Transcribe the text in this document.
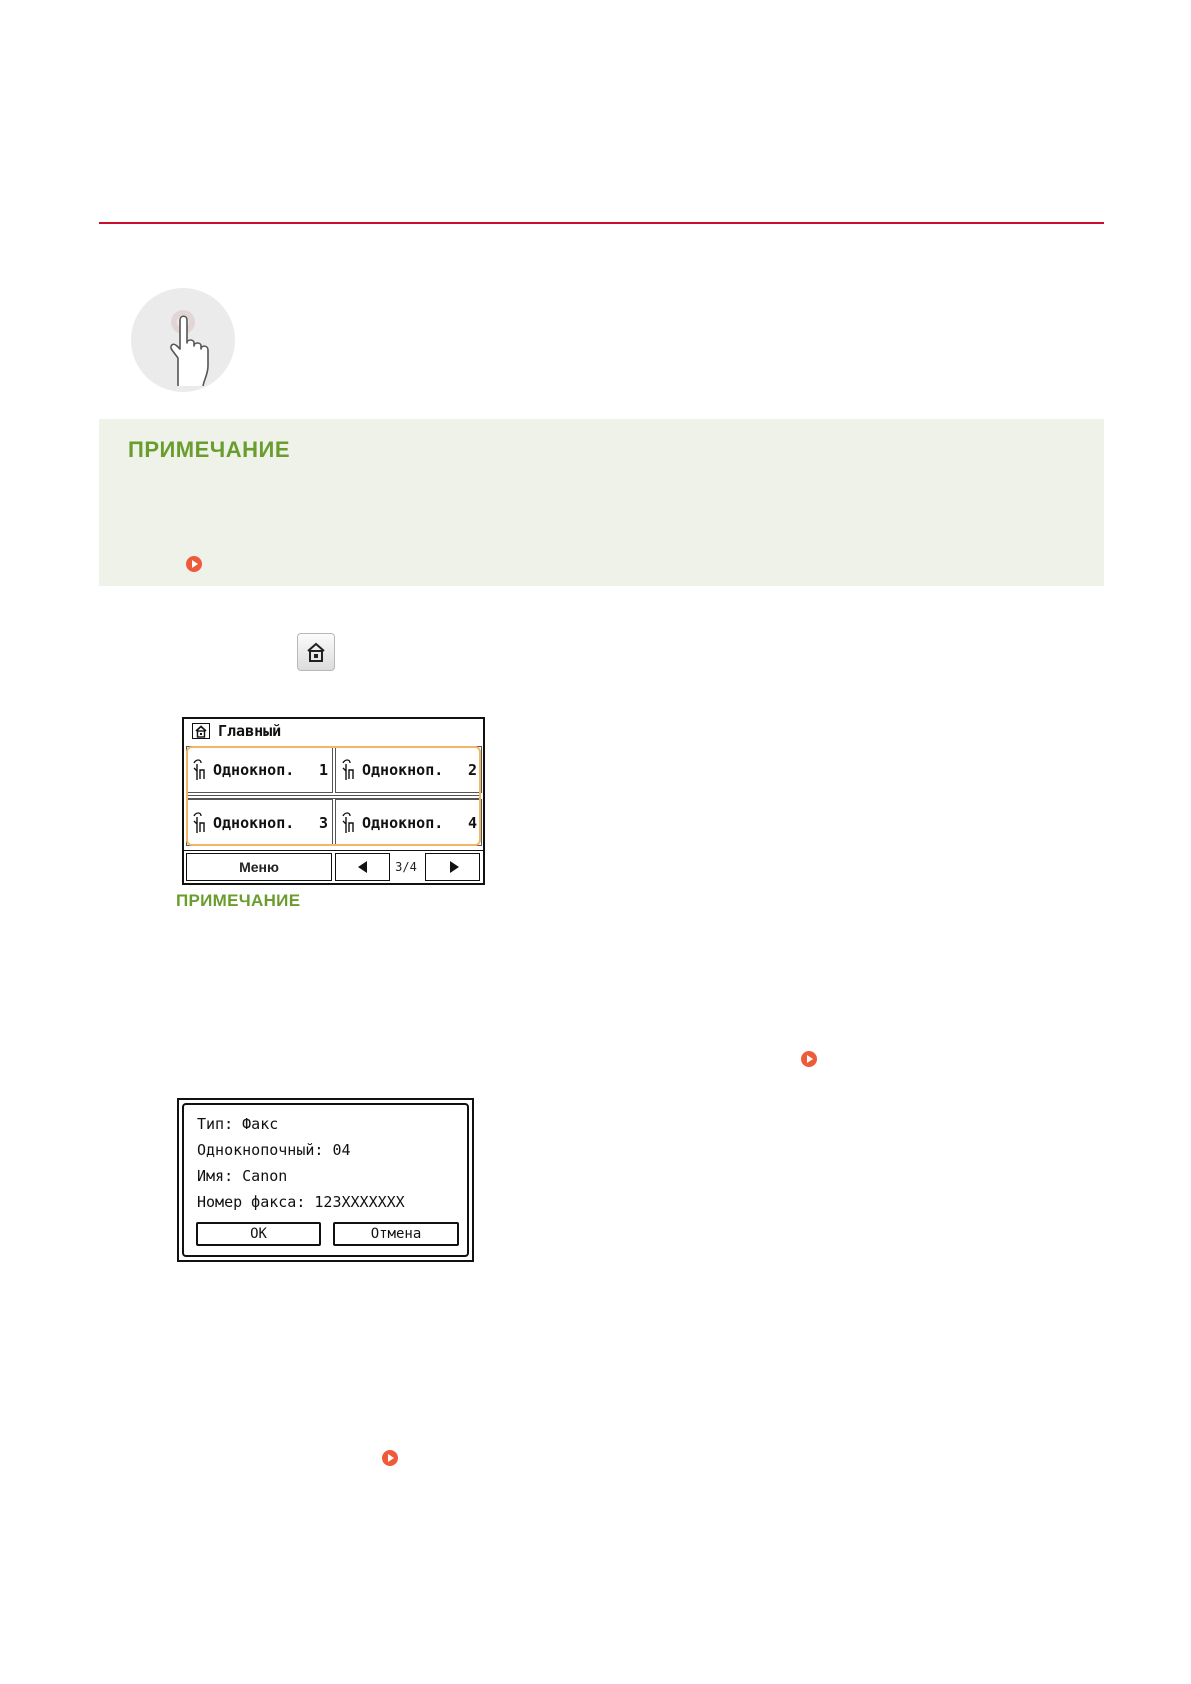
ПРИМЕЧАНИЕ
Главный
Однокноп. 1 Однокноп. 2
Однокноп. 3 Однокноп. 4
Меню	3/4
ПРИМЕЧАНИЕ
Тип: Факс
Однокнопочный: 04
Имя: Canon
Номер факса: 123XXXXXXX
OK	Отмена
